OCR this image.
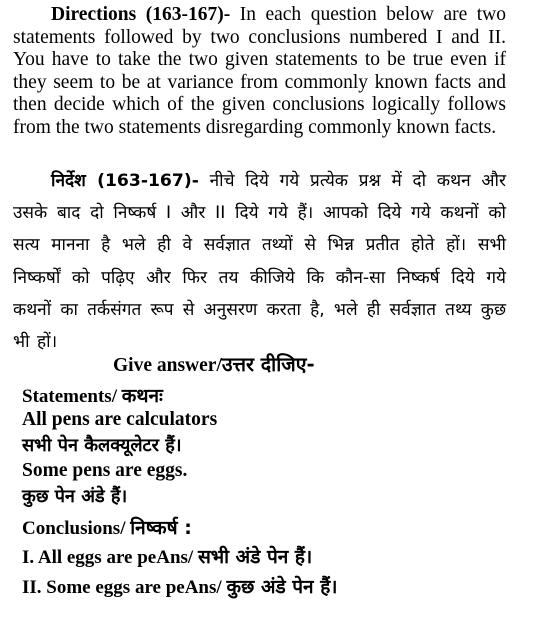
Directions (163-167)- In each question below are two statements followed by two conclusions numbered I and II. You have to take the two given statements to be true even if they seem to be at variance from commonly known facts and then decide which of the given conclusions logically follows from the two statements disregarding commonly known facts.
निर्देश (163-167)- नीचे दिये गये प्रत्येक प्रश्न में दो कथन और उसके बाद दो निष्कर्ष I और II दिये गये हैं। आपको दिये गये कथनों को सत्य मानना है भले ही वे सर्वज्ञात तथ्यों से भिन्न प्रतीत होते हों। सभी निष्कर्षों को पढ़िए और फिर तय कीजिये कि कौन-सा निष्कर्ष दिये गये कथनों का तर्कसंगत रूप से अनुसरण करता है, भले ही सर्वज्ञात तथ्य कुछ भी हों।
Give answer/उत्तर दीजिए-
Statements/ कथनः
All pens are calculators
सभी पेन कैलक्यूलेटर हैं।
Some pens are eggs.
कुछ पेन अंडे हैं।
Conclusions/ निष्कर्ष :
I. All eggs are peAns/ सभी अंडे पेन हैं।
II. Some eggs are peAns/ कुछ अंडे पेन हैं।
